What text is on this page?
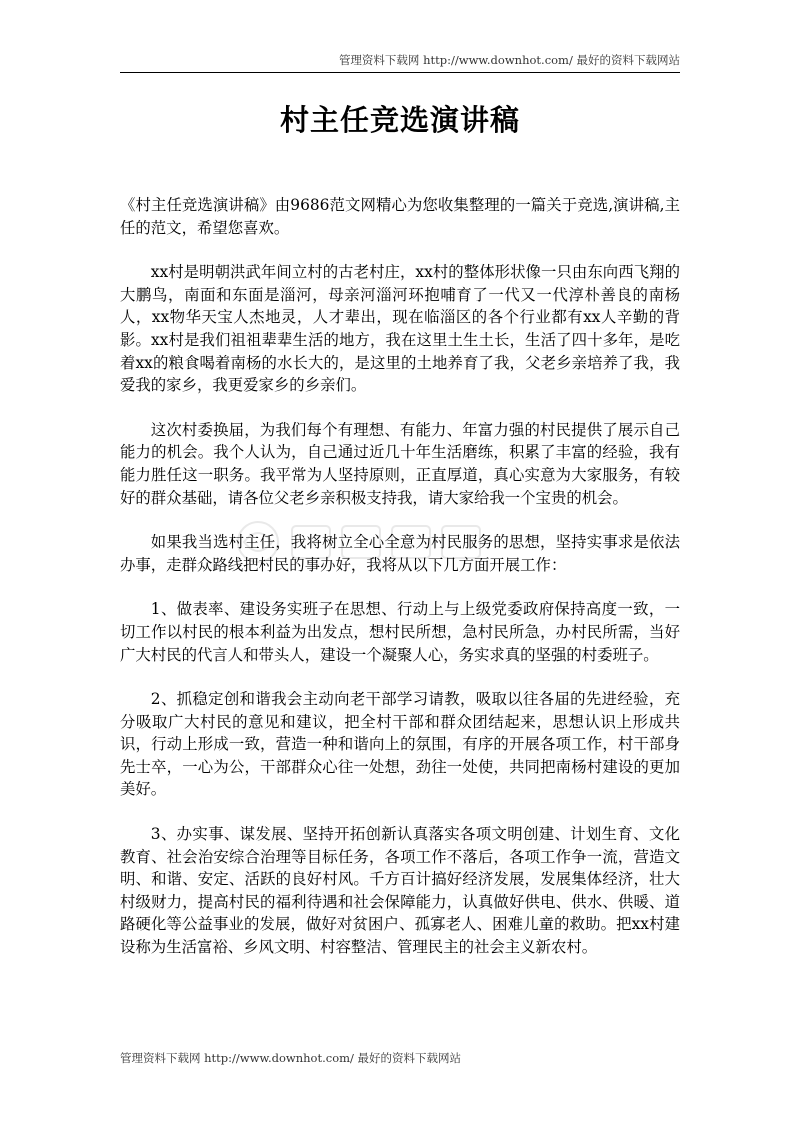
管理资料下载网 http://www.downhot.com/ 最好的资料下载网站
村主任竞选演讲稿

《村主任竞选演讲稿》由9686范文网精心为您收集整理的一篇关于竞选,演讲稿,主任的范文，希望您喜欢。

xx村是明朝洪武年间立村的古老村庄，xx村的整体形状像一只由东向西飞翔的大鹏鸟，南面和东面是淄河，母亲河淄河环抱哺育了一代又一代淳朴善良的南杨人，xx物华天宝人杰地灵，人才辈出，现在临淄区的各个行业都有xx人辛勤的背影。xx村是我们祖祖辈辈生活的地方，我在这里土生土长，生活了四十多年，是吃着xx的粮食喝着南杨的水长大的，是这里的土地养育了我，父老乡亲培养了我，我爱我的家乡，我更爱家乡的乡亲们。

这次村委换届，为我们每个有理想、有能力、年富力强的村民提供了展示自己能力的机会。我个人认为，自己通过近几十年生活磨练，积累了丰富的经验，我有能力胜任这一职务。我平常为人坚持原则，正直厚道，真心实意为大家服务，有较好的群众基础，请各位父老乡亲积极支持我，请大家给我一个宝贵的机会。

如果我当选村主任，我将树立全心全意为村民服务的思想，坚持实事求是依法办事，走群众路线把村民的事办好，我将从以下几方面开展工作：

1、做表率、建设务实班子在思想、行动上与上级党委政府保持高度一致，一切工作以村民的根本利益为出发点，想村民所想，急村民所急，办村民所需，当好广大村民的代言人和带头人，建设一个凝聚人心，务实求真的坚强的村委班子。

2、抓稳定创和谐我会主动向老干部学习请教，吸取以往各届的先进经验，充分吸取广大村民的意见和建议，把全村干部和群众团结起来，思想认识上形成共识，行动上形成一致，营造一种和谐向上的氛围，有序的开展各项工作，村干部身先士卒，一心为公，干部群众心往一处想，劲往一处使，共同把南杨村建设的更加美好。

3、办实事、谋发展、坚持开拓创新认真落实各项文明创建、计划生育、文化教育、社会治安综合治理等目标任务，各项工作不落后，各项工作争一流，营造文明、和谐、安定、活跃的良好村风。千方百计搞好经济发展，发展集体经济，壮大村级财力，提高村民的福利待遇和社会保障能力，认真做好供电、供水、供暖、道路硬化等公益事业的发展，做好对贫困户、孤寡老人、困难儿童的救助。把xx村建设称为生活富裕、乡风文明、村容整洁、管理民主的社会主义新农村。

管理资料下载网 http://www.downhot.com/ 最好的资料下载网站
